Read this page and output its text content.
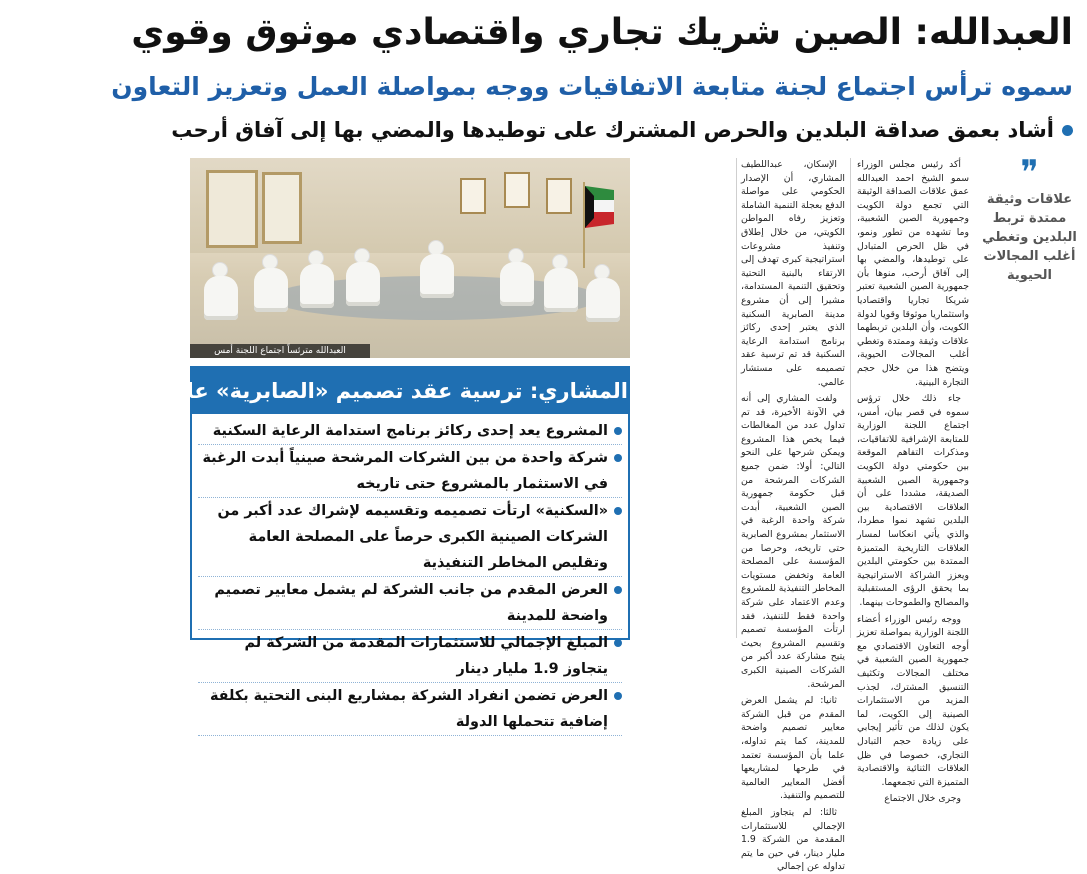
العبدالله: الصين شريك تجاري واقتصادي موثوق وقوي
سموه ترأس اجتماع لجنة متابعة الاتفاقيات ووجه بمواصلة العمل وتعزيز التعاون
أشاد بعمق صداقة البلدين والحرص المشترك على توطيدها والمضي بها إلى آفاق أرحب
❞
علاقات وثيقة ممتدة تربط البلدين وتغطي أغلب المجالات الحيوية

أكد رئيس مجلس الوزراء سمو الشيخ احمد العبدالله عمق علاقات الصداقة الوثيقة التي تجمع دولة الكويت وجمهورية الصين الشعبية، وما تشهده من تطور ونمو، في ظل الحرص المتبادل على توطيدها، والمضي بها إلى آفاق أرحب، منوها بأن جمهورية الصين الشعبية تعتبر شريكا تجاريا واقتصاديا واستثماريا موثوقا وقويا لدولة الكويت، وأن البلدين تربطهما علاقات وثيقة وممتدة وتغطي أغلب المجالات الحيوية، ويتضح هذا من خلال حجم التجارة البينية.

جاء ذلك خلال ترؤس سموه في قصر بيان، أمس، اجتماع اللجنة الوزارية للمتابعة الإشرافية للاتفاقيات، ومذكرات التفاهم الموقعة بين حكومتي دولة الكويت وجمهورية الصين الشعبية الصديقة، مشددا على أن العلاقات الاقتصادية بين البلدين تشهد نموا مطردا، والذي يأتي انعكاسا لمسار العلاقات التاريخية المتميزة الممتدة بين حكومتي البلدين ويعزز الشراكة الاستراتيجية بما يحقق الرؤى المستقبلية والمصالح والطموحات بينهما.

ووجه رئيس الوزراء أعضاء اللجنة الوزارية بمواصلة تعزيز أوجه التعاون الاقتصادي مع جمهورية الصين الشعبية في مختلف المجالات وتكثيف التنسيق المشترك، لجذب المزيد من الاستثمارات الصينية إلى الكويت، لما يكون لذلك من تأثير إيجابي على زيادة حجم التبادل التجاري، خصوصا في ظل العلاقات الثنائية والاقتصادية المتميزة التي تجمعهما.

وجرى خلال الاجتماع

الإسكان، عبداللطيف المشاري، أن الإصدار الحكومي على مواصلة الدفع بعجلة التنمية الشاملة وتعزيز رفاه المواطن الكويتي، من خلال إطلاق وتنفيذ مشروعات استراتيجية كبرى تهدف إلى الارتقاء بالبنية التحتية وتحقيق التنمية المستدامة، مشيرا إلى أن مشروع مدينة الصابرية السكنية الذي يعتبر إحدى ركائز برنامج استدامة الرعاية السكنية قد تم ترسية عقد تصميمه على مستشار عالمي.

ولفت المشاري إلى أنه في الآونة الأخيرة، قد تم تداول عدد من المغالطات فيما يخص هذا المشروع ويمكن شرحها على النحو التالي: أولا: ضمن جميع الشركات المرشحة من قبل حكومة جمهورية الصين الشعبية، أبدت شركة واحدة الرغبة في الاستثمار بمشروع الصابرية حتى تاريخه، وحرصا من المؤسسة على المصلحة العامة وتخفض مستويات المخاطر التنفيذية للمشروع وعدم الاعتماد على شركة واحدة فقط للتنفيذ، فقد ارتأت المؤسسة تصميم وتقسيم المشروع بحيث يتيح مشاركة عدد أكبر من الشركات الصينية الكبرى المرشحة.

ثانيا: لم يشمل العرض المقدم من قبل الشركة معايير تصميم واضحة للمدينة، كما يتم تداوله، علما بأن المؤسسة تعتمد في طرحها لمشاريعها أفضل المعايير العالمية للتصميم والتنفيذ.

ثالثا: لم يتجاوز المبلغ الإجمالي للاستثمارات المقدمة من الشركة 1.9 مليار دينار، في حين ما يتم تداوله عن إجمالي

العبدالله مترئساً اجتماع اللجنة أمس
المشاري: ترسية عقد تصميم «الصابرية» على مستشار عالمي
المشروع يعد إحدى ركائز برنامج استدامة الرعاية السكنية
شركة واحدة من بين الشركات المرشحة صينياً أبدت الرغبة في الاستثمار بالمشروع حتى تاريخه
«السكنية» ارتأت تصميمه وتقسيمه لإشراك عدد أكبر من الشركات الصينية الكبرى حرصاً على المصلحة العامة وتقليص المخاطر التنفيذية
العرض المقدم من جانب الشركة لم يشمل معايير تصميم واضحة للمدينة
المبلغ الإجمالي للاستثمارات المقدمة من الشركة لم يتجاوز 1.9 مليار دينار
العرض تضمن انفراد الشركة بمشاريع البنى التحتية بكلفة إضافية تتحملها الدولة
